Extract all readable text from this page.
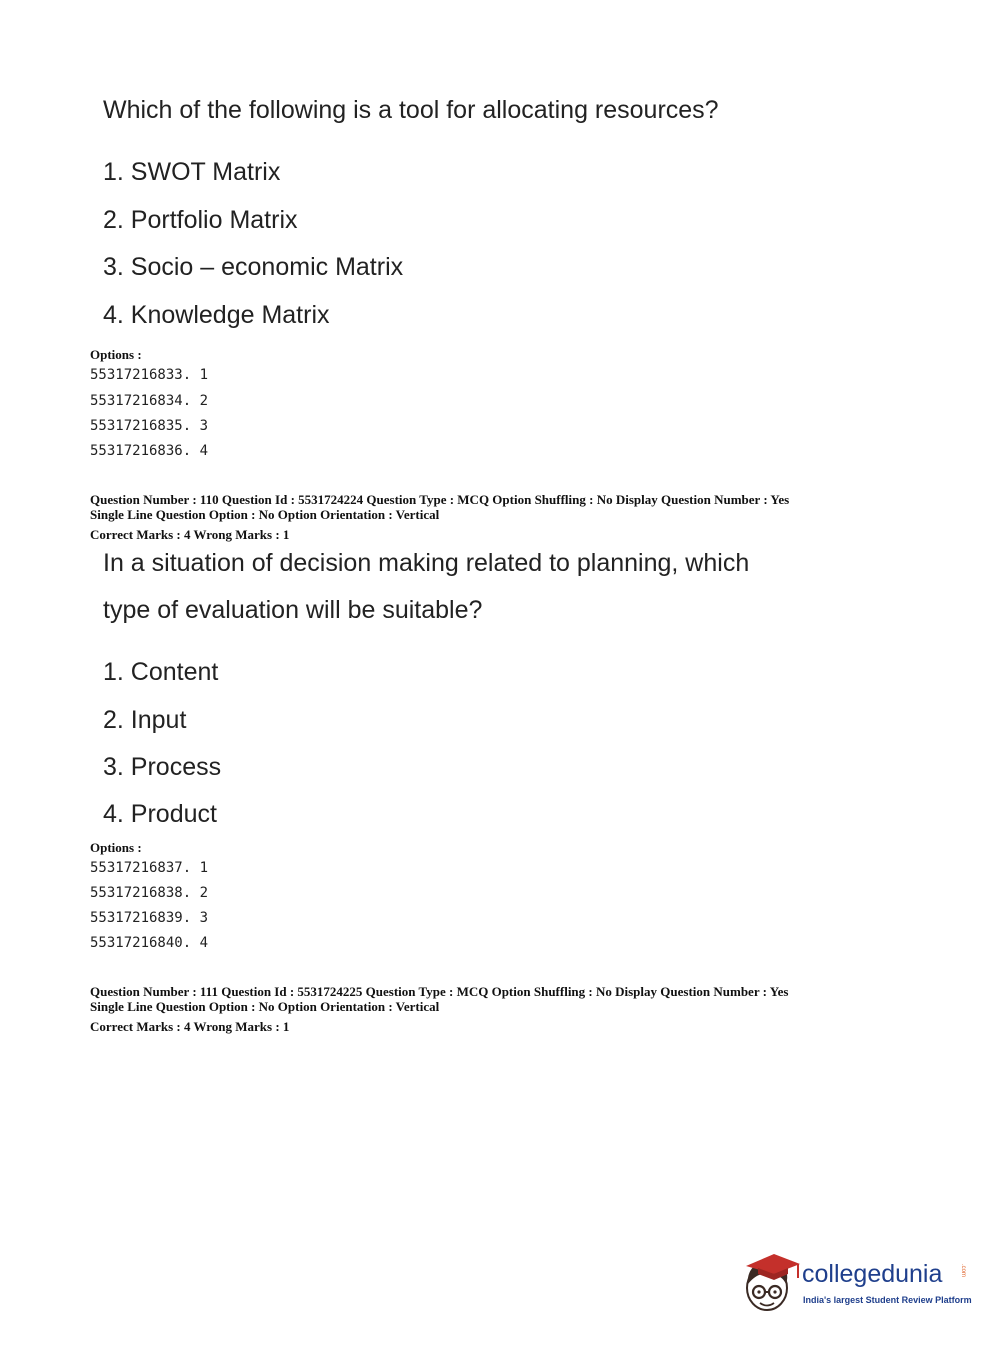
Which of the following is a tool for allocating resources?
1. SWOT Matrix
2. Portfolio Matrix
3. Socio – economic Matrix
4. Knowledge Matrix
Options :
55317216833. 1
55317216834. 2
55317216835. 3
55317216836. 4
Question Number : 110 Question Id : 5531724224 Question Type : MCQ Option Shuffling : No Display Question Number : Yes
Single Line Question Option : No Option Orientation : Vertical
Correct Marks : 4 Wrong Marks : 1
In a situation of decision making related to planning, which
type of evaluation will be suitable?
1. Content
2. Input
3. Process
4. Product
Options :
55317216837. 1
55317216838. 2
55317216839. 3
55317216840. 4
Question Number : 111 Question Id : 5531724225 Question Type : MCQ Option Shuffling : No Display Question Number : Yes
Single Line Question Option : No Option Orientation : Vertical
Correct Marks : 4 Wrong Marks : 1
collegedunia	.com
India's largest Student Review Platform
